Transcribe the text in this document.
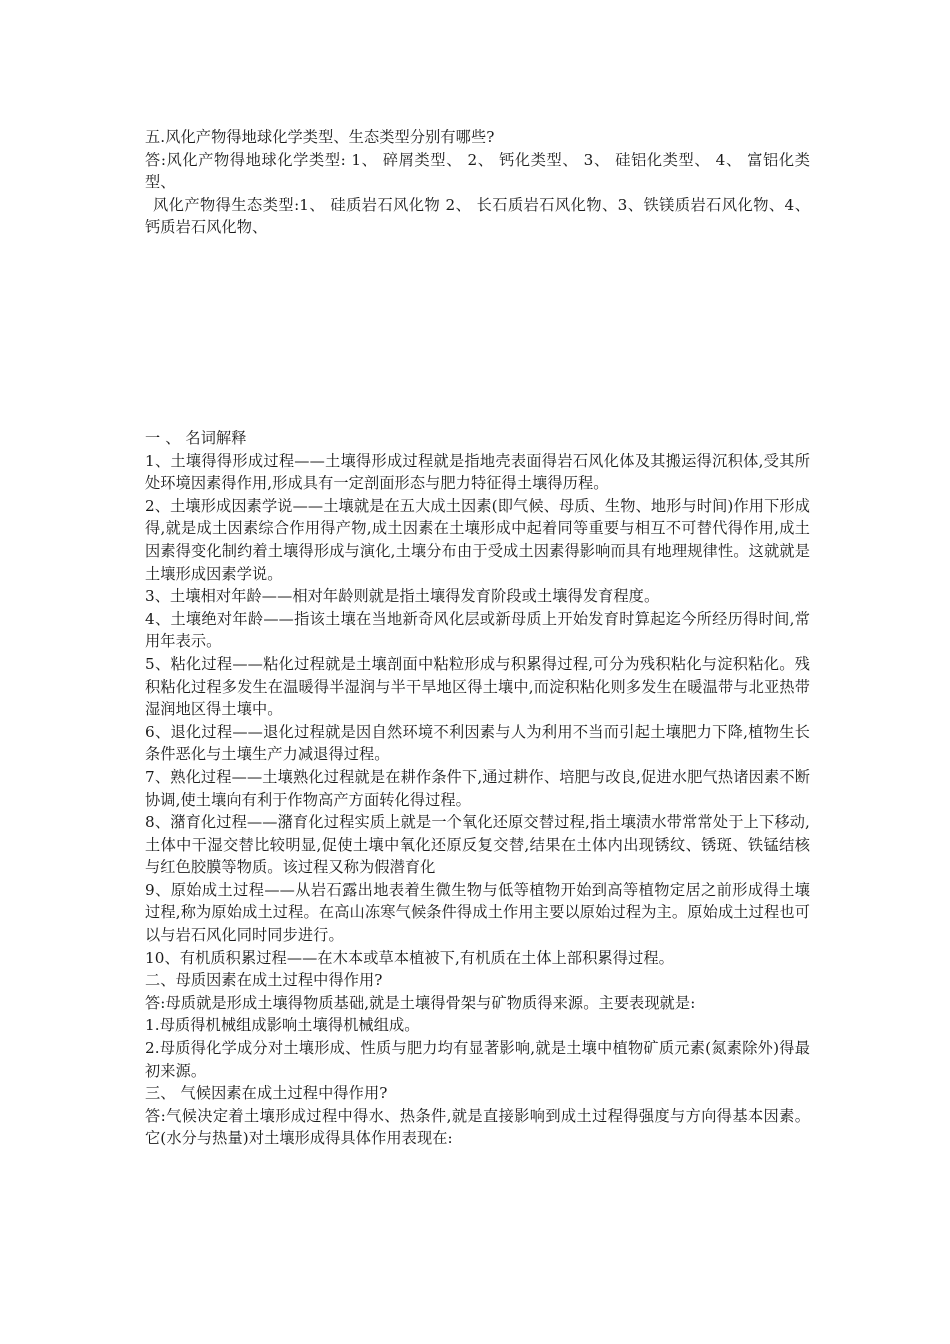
五.风化产物得地球化学类型、生态类型分别有哪些?

答:风化产物得地球化学类型: 1、 碎屑类型、 2、 钙化类型、 3、 硅铝化类型、 4、 富铝化类型、

风化产物得生态类型:1、 硅质岩石风化物 2、 长石质岩石风化物、3、铁镁质岩石风化物、4、 钙质岩石风化物、

一 、 名词解释

1、土壤得得形成过程——土壤得形成过程就是指地壳表面得岩石风化体及其搬运得沉积体,受其所处环境因素得作用,形成具有一定剖面形态与肥力特征得土壤得历程。

2、土壤形成因素学说——土壤就是在五大成土因素(即气候、母质、生物、地形与时间)作用下形成得,就是成土因素综合作用得产物,成土因素在土壤形成中起着同等重要与相互不可替代得作用,成土因素得变化制约着土壤得形成与演化,土壤分布由于受成土因素得影响而具有地理规律性。这就就是土壤形成因素学说。

3、土壤相对年龄——相对年龄则就是指土壤得发育阶段或土壤得发育程度。

4、土壤绝对年龄——指该土壤在当地新奇风化层或新母质上开始发育时算起迄今所经历得时间,常用年表示。

5、粘化过程——粘化过程就是土壤剖面中粘粒形成与积累得过程,可分为残积粘化与淀积粘化。残积粘化过程多发生在温暖得半湿润与半干旱地区得土壤中,而淀积粘化则多发生在暖温带与北亚热带湿润地区得土壤中。

6、退化过程——退化过程就是因自然环境不利因素与人为利用不当而引起土壤肥力下降,植物生长条件恶化与土壤生产力减退得过程。

7、熟化过程——土壤熟化过程就是在耕作条件下,通过耕作、培肥与改良,促进水肥气热诸因素不断协调,使土壤向有利于作物高产方面转化得过程。

8、潴育化过程——潴育化过程实质上就是一个氧化还原交替过程,指土壤渍水带常常处于上下移动,土体中干湿交替比较明显,促使土壤中氧化还原反复交替,结果在土体内出现锈纹、锈斑、铁锰结核与红色胶膜等物质。该过程又称为假潜育化

9、原始成土过程——从岩石露出地表着生微生物与低等植物开始到高等植物定居之前形成得土壤过程,称为原始成土过程。在高山冻寒气候条件得成土作用主要以原始过程为主。原始成土过程也可以与岩石风化同时同步进行。

10、有机质积累过程——在木本或草本植被下,有机质在土体上部积累得过程。

二、母质因素在成土过程中得作用?

答:母质就是形成土壤得物质基础,就是土壤得骨架与矿物质得来源。主要表现就是:

1.母质得机械组成影响土壤得机械组成。

2.母质得化学成分对土壤形成、性质与肥力均有显著影响,就是土壤中植物矿质元素(氮素除外)得最初来源。

三、 气候因素在成土过程中得作用?

答:气候决定着土壤形成过程中得水、热条件,就是直接影响到成土过程得强度与方向得基本因素。它(水分与热量)对土壤形成得具体作用表现在:
